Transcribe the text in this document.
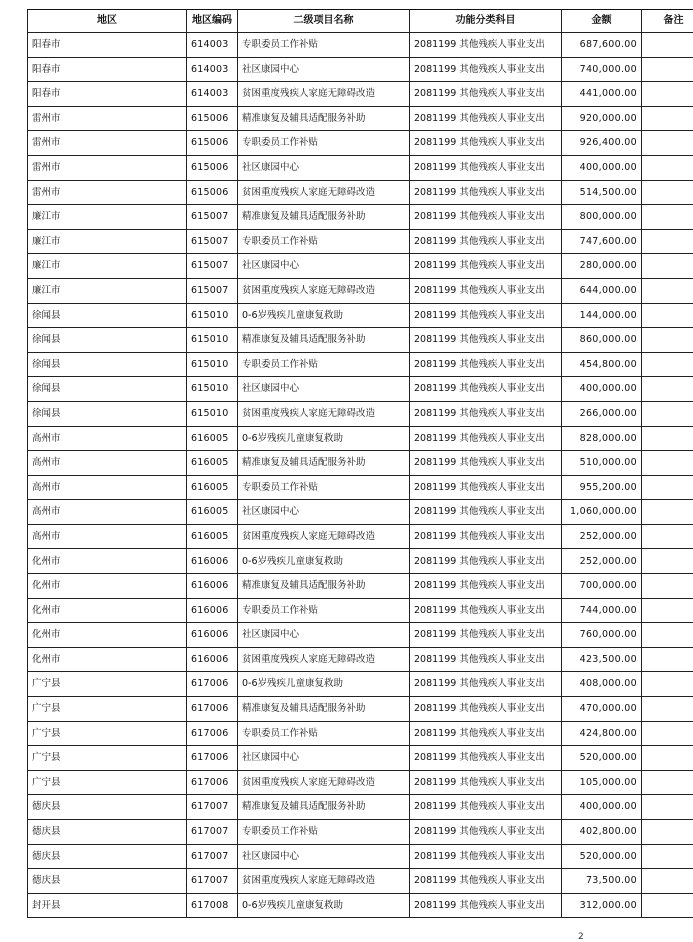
地区	地区编码	二级项目名称	功能分类科目	金额	备注
阳春市	614003	专职委员工作补贴	2081199 其他残疾人事业支出	687,600.00	
阳春市	614003	社区康园中心	2081199 其他残疾人事业支出	740,000.00	
阳春市	614003	贫困重度残疾人家庭无障碍改造	2081199 其他残疾人事业支出	441,000.00	
雷州市	615006	精准康复及辅具适配服务补助	2081199 其他残疾人事业支出	920,000.00	
雷州市	615006	专职委员工作补贴	2081199 其他残疾人事业支出	926,400.00	
雷州市	615006	社区康园中心	2081199 其他残疾人事业支出	400,000.00	
雷州市	615006	贫困重度残疾人家庭无障碍改造	2081199 其他残疾人事业支出	514,500.00	
廉江市	615007	精准康复及辅具适配服务补助	2081199 其他残疾人事业支出	800,000.00	
廉江市	615007	专职委员工作补贴	2081199 其他残疾人事业支出	747,600.00	
廉江市	615007	社区康园中心	2081199 其他残疾人事业支出	280,000.00	
廉江市	615007	贫困重度残疾人家庭无障碍改造	2081199 其他残疾人事业支出	644,000.00	
徐闻县	615010	0-6岁残疾儿童康复救助	2081199 其他残疾人事业支出	144,000.00	
徐闻县	615010	精准康复及辅具适配服务补助	2081199 其他残疾人事业支出	860,000.00	
徐闻县	615010	专职委员工作补贴	2081199 其他残疾人事业支出	454,800.00	
徐闻县	615010	社区康园中心	2081199 其他残疾人事业支出	400,000.00	
徐闻县	615010	贫困重度残疾人家庭无障碍改造	2081199 其他残疾人事业支出	266,000.00	
高州市	616005	0-6岁残疾儿童康复救助	2081199 其他残疾人事业支出	828,000.00	
高州市	616005	精准康复及辅具适配服务补助	2081199 其他残疾人事业支出	510,000.00	
高州市	616005	专职委员工作补贴	2081199 其他残疾人事业支出	955,200.00	
高州市	616005	社区康园中心	2081199 其他残疾人事业支出	1,060,000.00	
高州市	616005	贫困重度残疾人家庭无障碍改造	2081199 其他残疾人事业支出	252,000.00	
化州市	616006	0-6岁残疾儿童康复救助	2081199 其他残疾人事业支出	252,000.00	
化州市	616006	精准康复及辅具适配服务补助	2081199 其他残疾人事业支出	700,000.00	
化州市	616006	专职委员工作补贴	2081199 其他残疾人事业支出	744,000.00	
化州市	616006	社区康园中心	2081199 其他残疾人事业支出	760,000.00	
化州市	616006	贫困重度残疾人家庭无障碍改造	2081199 其他残疾人事业支出	423,500.00	
广宁县	617006	0-6岁残疾儿童康复救助	2081199 其他残疾人事业支出	408,000.00	
广宁县	617006	精准康复及辅具适配服务补助	2081199 其他残疾人事业支出	470,000.00	
广宁县	617006	专职委员工作补贴	2081199 其他残疾人事业支出	424,800.00	
广宁县	617006	社区康园中心	2081199 其他残疾人事业支出	520,000.00	
广宁县	617006	贫困重度残疾人家庭无障碍改造	2081199 其他残疾人事业支出	105,000.00	
德庆县	617007	精准康复及辅具适配服务补助	2081199 其他残疾人事业支出	400,000.00	
德庆县	617007	专职委员工作补贴	2081199 其他残疾人事业支出	402,800.00	
德庆县	617007	社区康园中心	2081199 其他残疾人事业支出	520,000.00	
德庆县	617007	贫困重度残疾人家庭无障碍改造	2081199 其他残疾人事业支出	73,500.00	
封开县	617008	0-6岁残疾儿童康复救助	2081199 其他残疾人事业支出	312,000.00	
2
